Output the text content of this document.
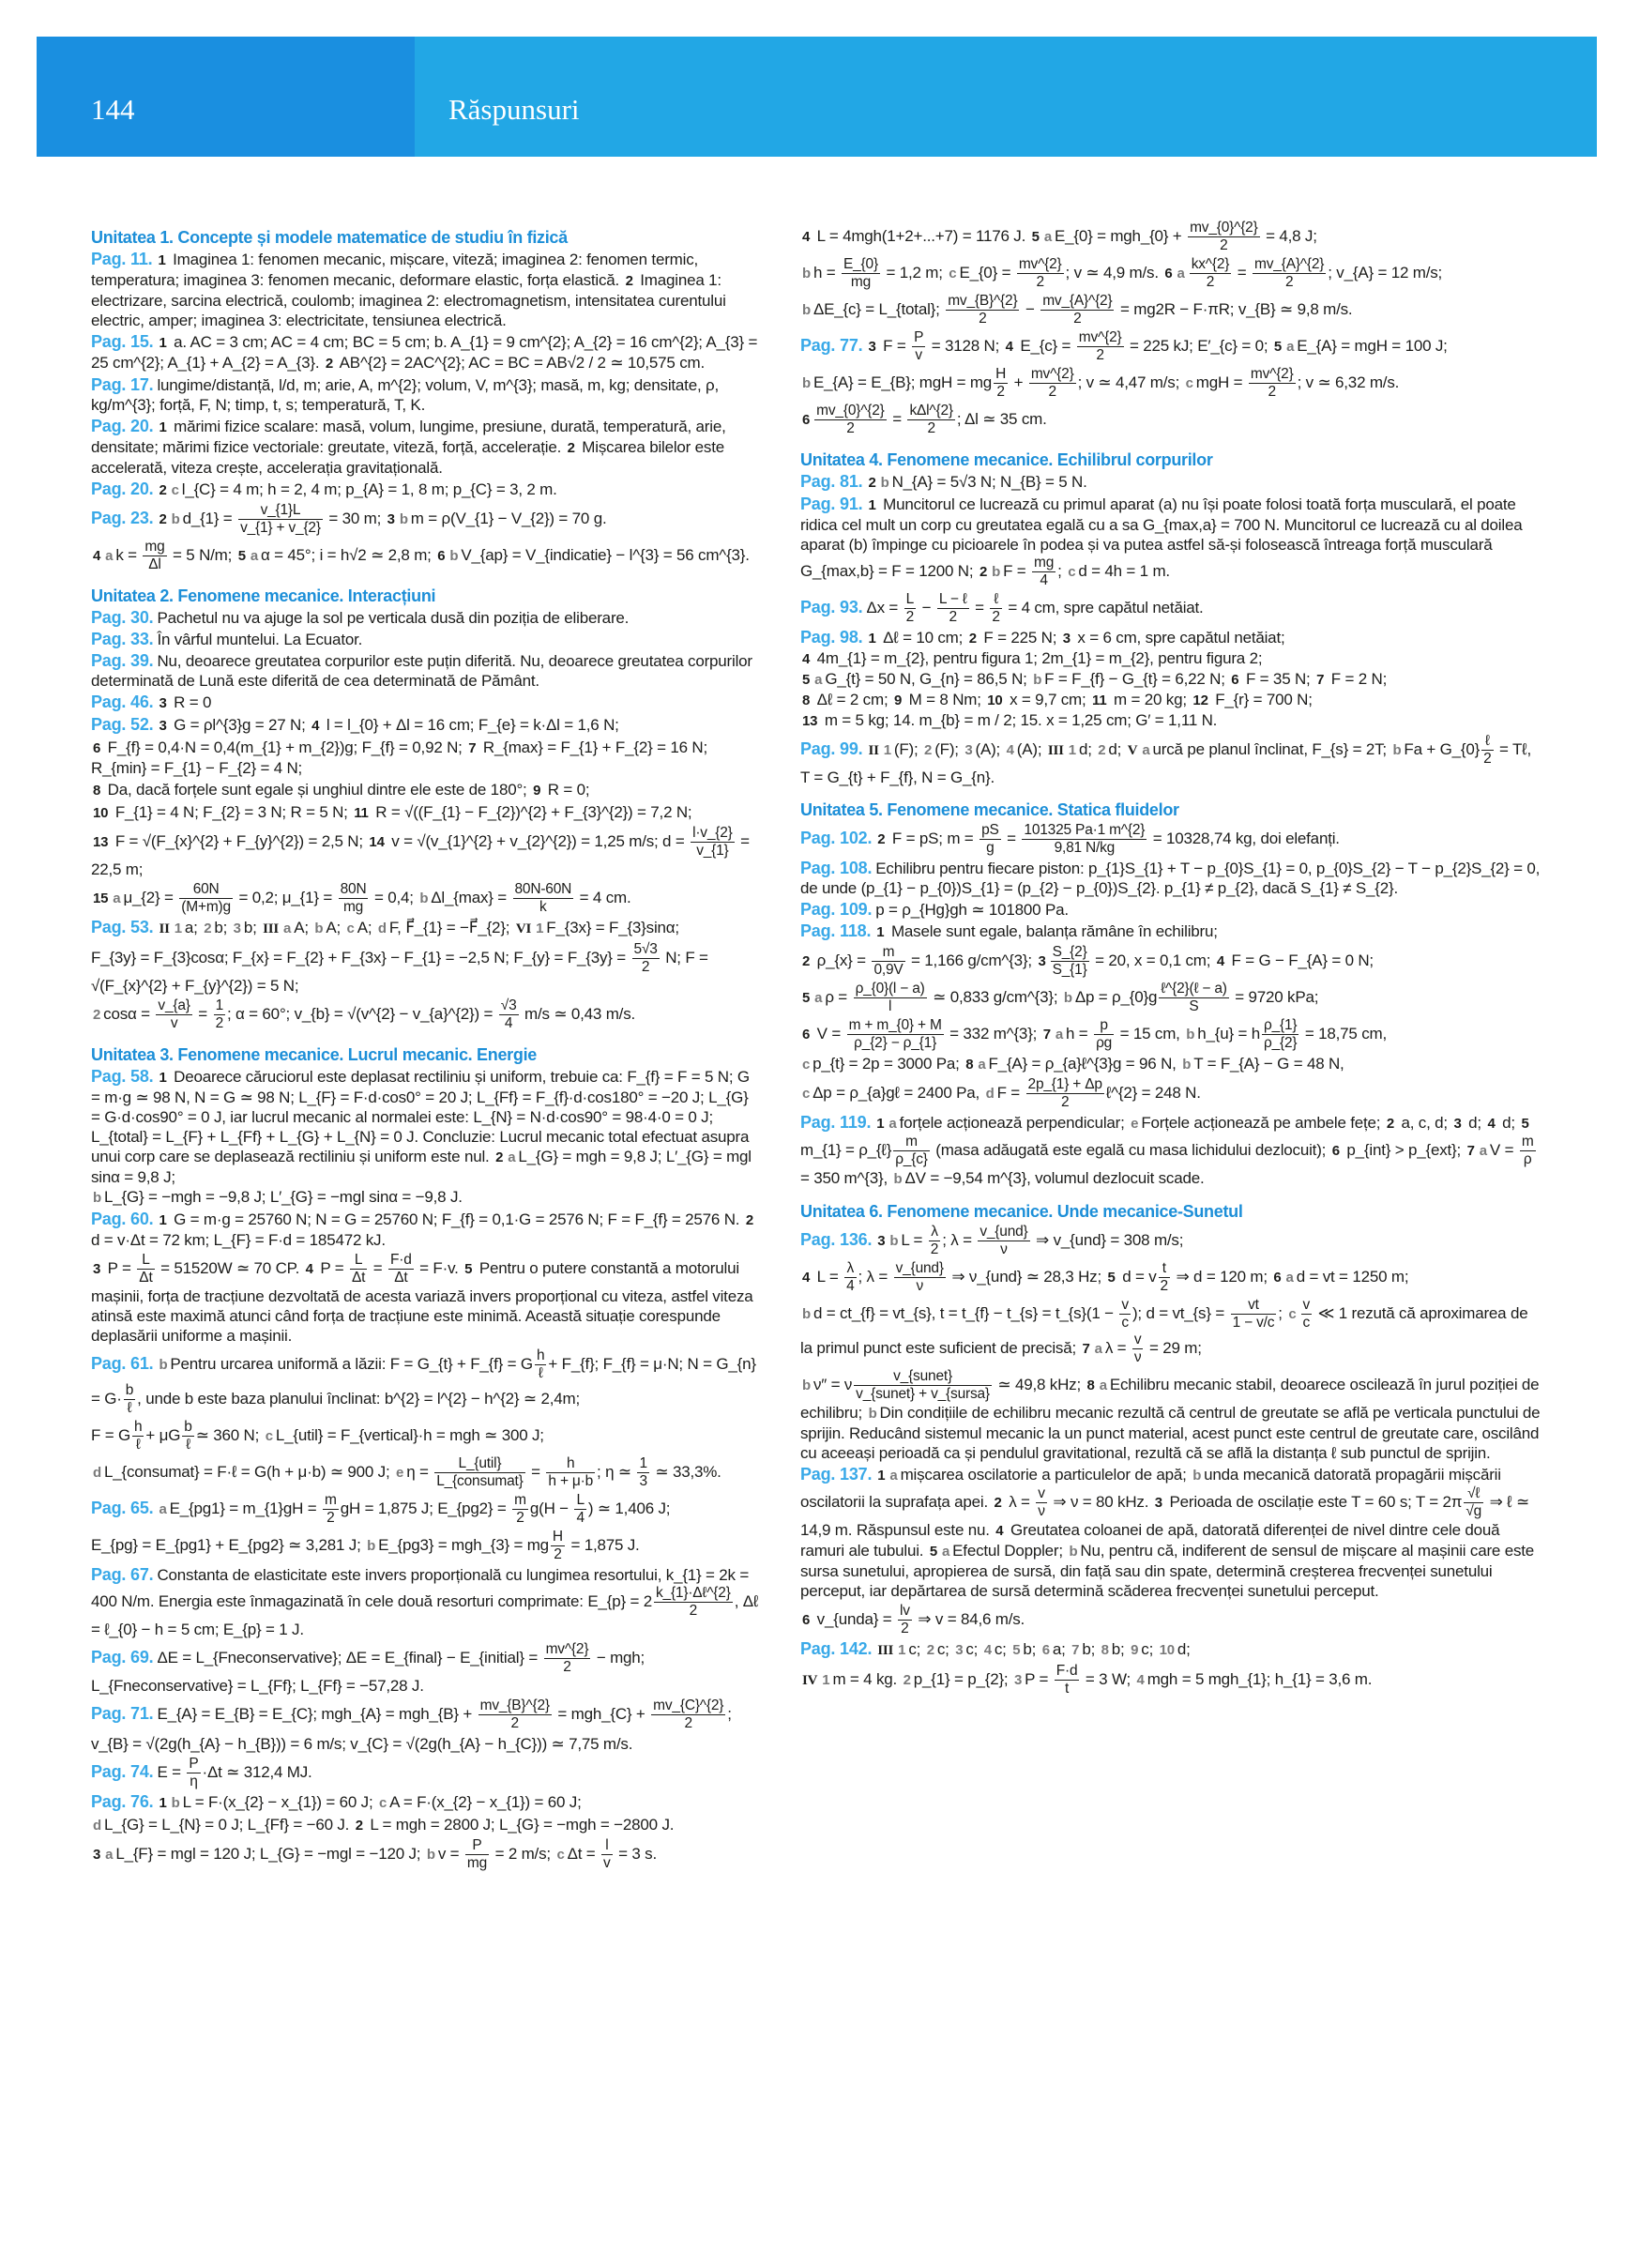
144	Răspunsuri
Unitatea 1. Concepte și modele matematice de studiu în fizică
Pag. 11. 1 Imaginea 1: fenomen mecanic, mișcare, viteză; imaginea 2: fenomen termic, temperatura; imaginea 3: fenomen mecanic, deformare elastic, forța elastică. 2 Imaginea 1: electrizare, sarcina electrică, coulomb; imaginea 2: electromagnetism, intensitatea curentului electric, amper; imaginea 3: electricitate, tensiunea electrică.
Pag. 15. 1 a. AC = 3 cm; AC = 4 cm; BC = 5 cm; b. A_{1} = 9 cm^{2}; A_{2} = 16 cm^{2}; A_{3} = 25 cm^{2}; A_{1} + A_{2} = A_{3}. 2 AB^{2} = 2AC^{2}; AC = BC = AB√2 / 2 ≃ 10,575 cm.
Pag. 17. lungime/distanță, l/d, m; arie, A, m^{2}; volum, V, m^{3}; masă, m, kg; densitate, ρ, kg/m^{3}; forță, F, N; timp, t, s; temperatură, T, K.
Pag. 20. 1 mărimi fizice scalare: masă, volum, lungime, presiune, durată, temperatură, arie, densitate; mărimi fizice vectoriale: greutate, viteză, forță, accelerație. 2 Mișcarea bilelor este accelerată, viteza crește, accelerația gravitațională.
Pag. 20. 2 c l_{C} = 4 m; h = 2, 4 m; p_{A} = 1, 8 m; p_{C} = 3, 2 m.
Pag. 23. 2 b d_{1} = $\frac{v\_\{1\}L}{v\_\{1\} + v\_\{2\}} = 30$ m; 3 b m = ρ(V_{1} − V_{2}) = 70 g.
4 a $k = \frac{mg}{\Delta l} = 5$ N/m; 5 a α = 45°; i = h√2 ≃ 2,8 m; 6 b V_{ap} = V_{indicatie} − l^{3} = 56 cm^{3}.
Unitatea 2. Fenomene mecanice. Interacțiuni
Pag. 30. Pachetul nu va ajuge la sol pe verticala dusă din poziția de eliberare.
Pag. 33. În vârful muntelui. La Ecuator.
Pag. 39. Nu, deoarece greutatea corpurilor este puțin diferită. Nu, deoarece greutatea corpurilor determinată de Lună este diferită de cea determinată de Pământ.
Pag. 46. 3 R = 0
Pag. 52. 3 G = ρl^{3}g = 27 N; 4 l = l_{0} + Δl = 16 cm; F_{e} = k·Δl = 1,6 N;
6 F_{f} = 0,4·N = 0,4(m_{1} + m_{2})g; F_{f} = 0,92 N; 7 R_{max} = F_{1} + F_{2} = 16 N; R_{min} = F_{1} − F_{2} = 4 N;
8 Da, dacă forțele sunt egale și unghiul dintre ele este de 180°; 9 R = 0;
10 F_{1} = 4 N; F_{2} = 3 N; R = 5 N; 11 R = √((F_{1} − F_{2})^{2} + F_{3}^{2}) = 7,2 N;
13 F = √(F_{x}^{2} + F_{y}^{2}) = 2,5 N; 14 v = √(v_{1}^{2} + v_{2}^{2}) = 1,25 m/s; $d = \frac{l\cdot v\_\{2\}}{v\_\{1\}} = 22,5$ m;
15 a μ_{2} = $\frac{60N}{(M+m)g} = 0,2$; μ_{1} = $\frac{80N}{mg} = 0,4$; b Δl_{max} = $\frac{80N-60N}{k} = 4$ cm.
Pag. 53. II 1 a; 2 b; 3 b; III a A; b A; c A; d F, F⃗_{1} = −F⃗_{2}; VI 1 F_{3x} = F_{3}sinα;
F_{3y} = F_{3}cosα; F_{x} = F_{2} + F_{3x} − F_{1} = −2,5 N; F_{y} = F_{3y} = $\frac{5√3}{2} N$; F = √(F_{x}^{2} + F_{y}^{2}) = 5 N;
2 $\cos\alpha = \frac{v\_\{a\}}{v} = \frac{1}{2}$ ; α = 60°; v_{b} = √(v^{2} − v_{a}^{2}) = $\frac{√3}{4} m/s$ ≃ 0,43 m/s.
Unitatea 3. Fenomene mecanice. Lucrul mecanic. Energie
Pag. 58. 1 Deoarece căruciorul este deplasat rectiliniu și uniform, trebuie ca: F_{f} = F = 5 N; G = m·g ≃ 98 N, N = G ≃ 98 N; L_{F} = F·d·cos0° = 20 J; L_{Ff} = F_{f}·d·cos180° = −20 J; L_{G} = G·d·cos90° = 0 J, iar lucrul mecanic al normalei este: L_{N} = N·d·cos90° = 98·4·0 = 0 J; L_{total} = L_{F} + L_{Ff} + L_{G} + L_{N} = 0 J. Concluzie: Lucrul mecanic total efectuat asupra unui corp care se deplasează rectiliniu și uniform este nul. 2 a L_{G} = mgh = 9,8 J; L′_{G} = mgl sinα = 9,8 J;
b L_{G} = −mgh = −9,8 J; L′_{G} = −mgl sinα = −9,8 J.
Pag. 60. 1 G = m·g = 25760 N; N = G = 25760 N; F_{f} = 0,1·G = 2576 N; F = F_{f} = 2576 N. 2 d = v·Δt = 72 km; L_{F} = F·d = 185472 kJ.
3 $P = \frac{L}{\Delta t} = 51520W$ ≃ 70 CP. 4 $P = \frac{L}{\Delta t} = \frac{F\cdot d}{\Delta t} = F\cdot v$. 5 Pentru o putere constantă a motorului mașinii, forța de tracțiune dezvoltată de acesta variază invers proporțional cu viteza, astfel viteza atinsă este maximă atunci când forța de tracțiune este minimă. Această situație corespunde deplasării uniforme a mașinii.
Pag. 61. b Pentru urcarea uniformă a lăzii: F = G_{t} + F_{f} = G $\frac{h}{\text{ℓ}}$ + F_{f}; F_{f} = μ·N; N = G_{n} = $G\cdot \frac{b}{\text{ℓ}}$ , unde b este baza planului înclinat: b^{2} = l^{2} − h^{2} ≃ 2,4m;
F = G $\frac{h}{\text{ℓ}} + \mu G \frac{b}{\text{ℓ}}$ ≃ 360 N; c L_{util} = F_{vertical}·h = mgh ≃ 300 J;
d L_{consumat} = F·ℓ = G(h + μ·b) ≃ 900 J; e $\eta = \frac{\text{L\_\{util\}}}{\text{L\_\{consumat\}}} = \frac{h}{h + \mu\cdot b}$ ; η ≃ $\frac{1}{3}$ ≃ 33,3%.
Pag. 65. a E_{pg1} = m_{1}gH = $\frac{m}{2}$ gH = 1,875 J; E_{pg2} = $\frac{m}{2} g(H - \frac{L}{4}$ ) ≃ 1,406 J;
E_{pg} = E_{pg1} + E_{pg2} ≃ 3,281 J; b E_{pg3} = mgh_{3} = mg $\frac{H}{2} = 1,875$ J.
Pag. 67. Constanta de elasticitate este invers proporțională cu lungimea resortului, k_{1} = 2k = 400 N/m. Energia este înmagazinată în cele două resorturi comprimate: E_{p} = $2 \frac{\text{k\_\{1\}·Δℓ\textasciicircum{}\{2\}}}{2}$ , Δℓ = ℓ_{0} − h = 5 cm; E_{p} = 1 J.
Pag. 69. ΔE = L_{Fneconservative}; ΔE = E_{final} − E_{initial} = $\frac{mv\^{}\{2\}}{2}$ − mgh; L_{Fneconservative} = L_{Ff}; L_{Ff} = −57,28 J.
Pag. 71. E_{A} = E_{B} = E_{C}; mgh_{A} = mgh_{B} + $\frac{mv\_\{B\}\^{}\{2\}}{2}$ = mgh_{C} + $\frac{mv\_\{C\}\^{}\{2\}}{2}$ ;
v_{B} = √(2g(h_{A} − h_{B})) = 6 m/s; v_{C} = √(2g(h_{A} − h_{C})) ≃ 7,75 m/s.
Pag. 74. $E = \frac{P}{\eta} \cdot\Delta t$ ≃ 312,4 MJ.
Pag. 76. 1 b L = F·(x_{2} − x_{1}) = 60 J; c A = F·(x_{2} − x_{1}) = 60 J;
d L_{G} = L_{N} = 0 J; L_{Ff} = −60 J. 2 L = mgh = 2800 J; L_{G} = −mgh = −2800 J.
3 a L_{F} = mgl = 120 J; L_{G} = −mgl = −120 J; b $v = \frac{P}{mg} = 2$ m/s; c $\Delta t = \frac{l}{v} = 3$ s.
4 L = 4mgh(1+2+...+7) = 1176 J. 5 a E_{0} = mgh_{0} + $\frac{mv\_\{0\}\^{}\{2\}}{2} = 4,8$ J;
b $h = \frac{E\_\{0\}}{mg} = 1,2$ m; c E_{0} = $\frac{mv\^{}\{2\}}{2}$ ; v ≃ 4,9 m/s. 6 a $\frac{kx\^{}\{2\}}{2} = \frac{mv\_\{A\}\^{}\{2\}}{2}$ ; v_{A} = 12 m/s;
b ΔE_{c} = L_{total}; $\frac{mv\_\{B\}\^{}\{2\}}{2} - \frac{mv\_\{A\}\^{}\{2\}}{2} = mg2R - F\cdot\pi R$; v_{B} ≃ 9,8 m/s.
Pag. 77. 3 $F = \frac{P}{v} = 3128$ N; 4 E_{c} = $\frac{mv\^{}\{2\}}{2} = 225$ kJ; E′_{c} = 0; 5 a E_{A} = mgH = 100 J;
b E_{A} = E_{B}; mgH = mg $\frac{H}{2} + \frac{mv\^{}\{2\}}{2}$ ; v ≃ 4,47 m/s; c mgH = $\frac{mv\^{}\{2\}}{2}$ ; v ≃ 6,32 m/s.
$6 \frac{mv\_\{0\}\^{}\{2\}}{2} = \frac{\text{kΔl\textasciicircum{}\{2\}}}{2}$ ; Δl ≃ 35 cm.
Unitatea 4. Fenomene mecanice. Echilibrul corpurilor
Pag. 81. 2 b N_{A} = 5√3 N; N_{B} = 5 N.
Pag. 91. 1 Muncitorul ce lucrează cu primul aparat (a) nu își poate folosi toată forța musculară, el poate ridica cel mult un corp cu greutatea egală cu a sa G_{max,a} = 700 N. Muncitorul ce lucrează cu al doilea aparat (b) împinge cu picioarele în podea și va putea astfel să-și folosească întreaga forță musculară G_{max,b} = F = 1200 N; 2 b $F = \frac{mg}{4}$ ; c d = 4h = 1 m.
Pag. 93. $\Delta x = \frac{L}{2} - \frac{\text{L − ℓ}}{2} = \frac{\text{ℓ}}{2} = 4$ cm, spre capătul netăiat.
Pag. 98. 1 Δℓ = 10 cm; 2 F = 225 N; 3 x = 6 cm, spre capătul netăiat;
4 4m_{1} = m_{2}, pentru figura 1; 2m_{1} = m_{2}, pentru figura 2;
5 a G_{t} = 50 N, G_{n} = 86,5 N; b F = F_{f} − G_{t} = 6,22 N; 6 F = 35 N; 7 F = 2 N;
8 Δℓ = 2 cm; 9 M = 8 Nm; 10 x = 9,7 cm; 11 m = 20 kg; 12 F_{r} = 700 N;
13 m = 5 kg; 14. m_{b} = m / 2; 15. x = 1,25 cm; G′ = 1,11 N.
Pag. 99. II 1 (F); 2 (F); 3 (A); 4 (A); III 1 d; 2 d; V a urcă pe planul înclinat, F_{s} = 2T; b Fa + G_{0} $\frac{\text{ℓ}}{2}$ = Tℓ, T = G_{t} + F_{f}, N = G_{n}.
Unitatea 5. Fenomene mecanice. Statica fluidelor
Pag. 102. 2 F = pS; $m = \frac{pS}{g} = \frac{101325 Pa\cdot 1 m\^{}\{2\}}{9,81 N/kg} = 10328,74$ kg, doi elefanți.
Pag. 108. Echilibru pentru fiecare piston: p_{1}S_{1} + T − p_{0}S_{1} = 0, p_{0}S_{2} − T − p_{2}S_{2} = 0,
de unde (p_{1} − p_{0})S_{1} = (p_{2} − p_{0})S_{2}. p_{1} ≠ p_{2}, dacă S_{1} ≠ S_{2}.
Pag. 109. p = ρ_{Hg}gh ≃ 101800 Pa.
Pag. 118. 1 Masele sunt egale, balanța rămâne în echilibru;
2 ρ_{x} = $\frac{m}{0,9V} = 1,166$ g/cm^{3}; $3 \frac{S\_\{2\}}{S\_\{1\}} = 20$, x = 0,1 cm; 4 F = G − F_{A} = 0 N;
5 a $\rho = \frac{\rho\_\{0\}(l - a)}{l}$ ≃ 0,833 g/cm^{3}; b Δp = ρ_{0}g $\frac{\text{ℓ\textasciicircum{}\{2\}(ℓ − a)}}{S} = 9720$ kPa;
6 $V = \frac{m + m\_\{0\} + M}{\rho\_\{2\} - \rho\_\{1\}} = 332$ m^{3}; 7 a $h = \frac{p}{\rho g} = 15$ cm, b h_{u} = h $\frac{\rho\_\{1\}}{\rho\_\{2\}} = 18,75$ cm,
c p_{t} = 2p = 3000 Pa; 8 a F_{A} = ρ_{a}ℓ^{3}g = 96 N, b T = F_{A} − G = 48 N,
c Δp = ρ_{a}gℓ = 2400 Pa, d $F = \frac{2p\_\{1\} + \Delta p}{2}$ ℓ^{2} = 248 N.
Pag. 119. 1 a forțele acționează perpendicular; e Forțele acționează pe ambele fețe; 2 a, c, d; 3 d; 4 d; 5 m_{1} = ρ_{ℓ} $\frac{m}{\rho\_\{c\}}$ (masa adăugată este egală cu masa lichidului dezlocuit); 6 p_{int} > p_{ext}; 7 a $V = \frac{m}{\rho}$
= 350 m^{3}, b ΔV = −9,54 m^{3}, volumul dezlocuit scade.
Unitatea 6. Fenomene mecanice. Unde mecanice-Sunetul
Pag. 136. 3 b $L = \frac{\lambda}{2}$ ; $\lambda = \frac{\text{v\_\{und\}}}{\nu}$ ⇒ v_{und} = 308 m/s;
4 $L = \frac{\lambda}{4}$ ; $\lambda = \frac{\text{v\_\{und\}}}{\nu}$ ⇒ ν_{und} ≃ 28,3 Hz; 5 d = v $\frac{t}{2}$ ⇒ d = 120 m; 6 a d = vt = 1250 m;
b d = ct_{f} = vt_{s}, t = t_{f} − t_{s} = t_{s}(1 − $\frac{v}{c}$ ); d = vt_{s} = $\frac{vt}{1 - v/c}$ ; c $\frac{v}{c}$ ≪ 1 rezută că aproximarea de la primul punct este suficient de precisă; 7 a $\lambda = \frac{v}{\nu} = 29$ m;
b ν″ = ν $\frac{\text{v\_\{sunet\}}}{\text{v\_\{sunet\} + v\_\{sursa\}}}$ ≃ 49,8 kHz; 8 a Echilibru mecanic stabil, deoarece oscilează în jurul poziției de echilibru; b Din condițiile de echilibru mecanic rezultă că centrul de greutate se află pe verticala punctului de sprijin. Reducând sistemul mecanic la un punct material, acest punct este centrul de greutate care, oscilând cu aceeași perioadă ca și pendulul gravitational, rezultă că se află la distanța ℓ sub punctul de sprijin.
Pag. 137. 1 a mișcarea oscilatorie a particulelor de apă; b unda mecanică datorată propagării mișcării oscilatorii la suprafața apei. 2 $\lambda = \frac{v}{\nu}$ ⇒ ν = 80 kHz. 3 Perioada de oscilație este T = 60 s; $T = 2\pi \frac{\text{√ℓ}}{√g}$ ⇒ ℓ ≃ 14,9 m. Răspunsul este nu. 4 Greutatea coloanei de apă, datorată diferenței de nivel dintre cele două ramuri ale tubului. 5 a Efectul Doppler; b Nu, pentru că, indiferent de sensul de mișcare al mașinii care este sursa sunetului, apropierea de sursă, din față sau din spate, determină creșterea frecvenței sunetului perceput, iar depărtarea de sursă determină scăderea frecvenței sunetului perceput.
6 v_{unda} = $\frac{lv}{2}$ ⇒ v = 84,6 m/s.
Pag. 142. III 1 c; 2 c; 3 c; 4 c; 5 b; 6 a; 7 b; 8 b; 9 c; 10 d;
IV 1 m = 4 kg. 2 p_{1} = p_{2}; 3 $P = \frac{F\cdot d}{t} = 3$ W; 4 mgh = 5 mgh_{1}; h_{1} = 3,6 m.
